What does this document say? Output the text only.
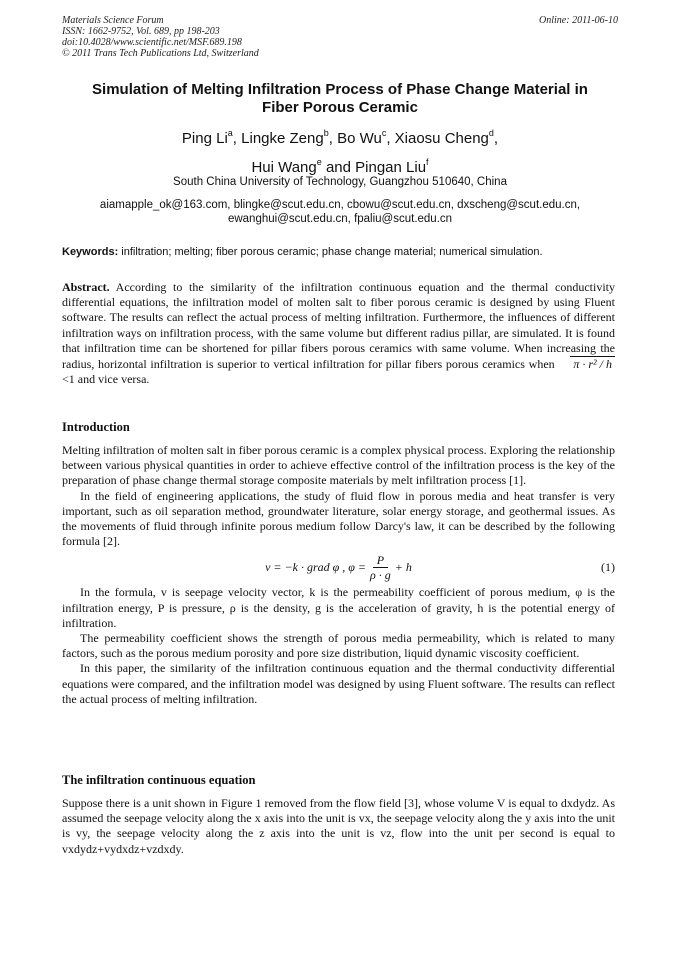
Materials Science Forum
ISSN: 1662-9752, Vol. 689, pp 198-203
doi:10.4028/www.scientific.net/MSF.689.198
© 2011 Trans Tech Publications Ltd, Switzerland
Online: 2011-06-10
Simulation of Melting Infiltration Process of Phase Change Material in
Fiber Porous Ceramic
Ping Li$^a$, Lingke Zeng$^b$, Bo Wu$^c$, Xiaosu Cheng$^d$,
Hui Wang$^e$ and Pingan Liu$^f$
South China University of Technology, Guangzhou 510640, China
aiamapple_ok@163.com, blingke@scut.edu.cn, cbowu@scut.edu.cn, dxscheng@scut.edu.cn,
ewanghui@scut.edu.cn, fpaliu@scut.edu.cn
Keywords: infiltration; melting; fiber porous ceramic; phase change material; numerical simulation.

Abstract. According to the similarity of the infiltration continuous equation and the thermal conductivity differential equations, the infiltration model of molten salt to fiber porous ceramic is designed by using Fluent software. The results can reflect the actual process of melting infiltration. Furthermore, the influences of different infiltration ways on infiltration process, with the same volume but different radius pillar, are simulated. It is found that infiltration time can be shortened for pillar fibers porous ceramics with same volume. When increasing the radius, horizontal infiltration is superior to vertical infiltration for pillar fibers porous ceramics when π · r² / h <1 and vice versa.

Introduction

Melting infiltration of molten salt in fiber porous ceramic is a complex physical process. Exploring the relationship between various physical quantities in order to achieve effective control of the infiltration process is the key of the preparation of phase change thermal storage composite materials by melt infiltration process [1].

In the field of engineering applications, the study of fluid flow in porous media and heat transfer is very important, such as oil separation method, groundwater literature, solar energy storage, and geothermal issues. As the movements of fluid through infinite porous medium follow Darcy's law, it can be described by the following formula [2].

v = −k · grad φ , $\varphi = \frac{P}{\rho \cdot g} + h$	(1)

In the formula, v is seepage velocity vector, k is the permeability coefficient of porous medium, φ is the infiltration energy, P is pressure, ρ is the density, g is the acceleration of gravity, h is the potential energy of infiltration.

The permeability coefficient shows the strength of porous media permeability, which is related to many factors, such as the porous medium porosity and pore size distribution, liquid dynamic viscosity coefficient.

In this paper, the similarity of the infiltration continuous equation and the thermal conductivity differential equations were compared, and the infiltration model was designed by using Fluent software. The results can reflect the actual process of melting infiltration.

The infiltration continuous equation

Suppose there is a unit shown in Figure 1 removed from the flow field [3], whose volume V is equal to dxdydz. As assumed the seepage velocity along the x axis into the unit is vx, the seepage velocity along the y axis into the unit is vy, the seepage velocity along the z axis into the unit is vz, flow into the unit per second is equal to vxdydz+vydxdz+vzdxdy.
